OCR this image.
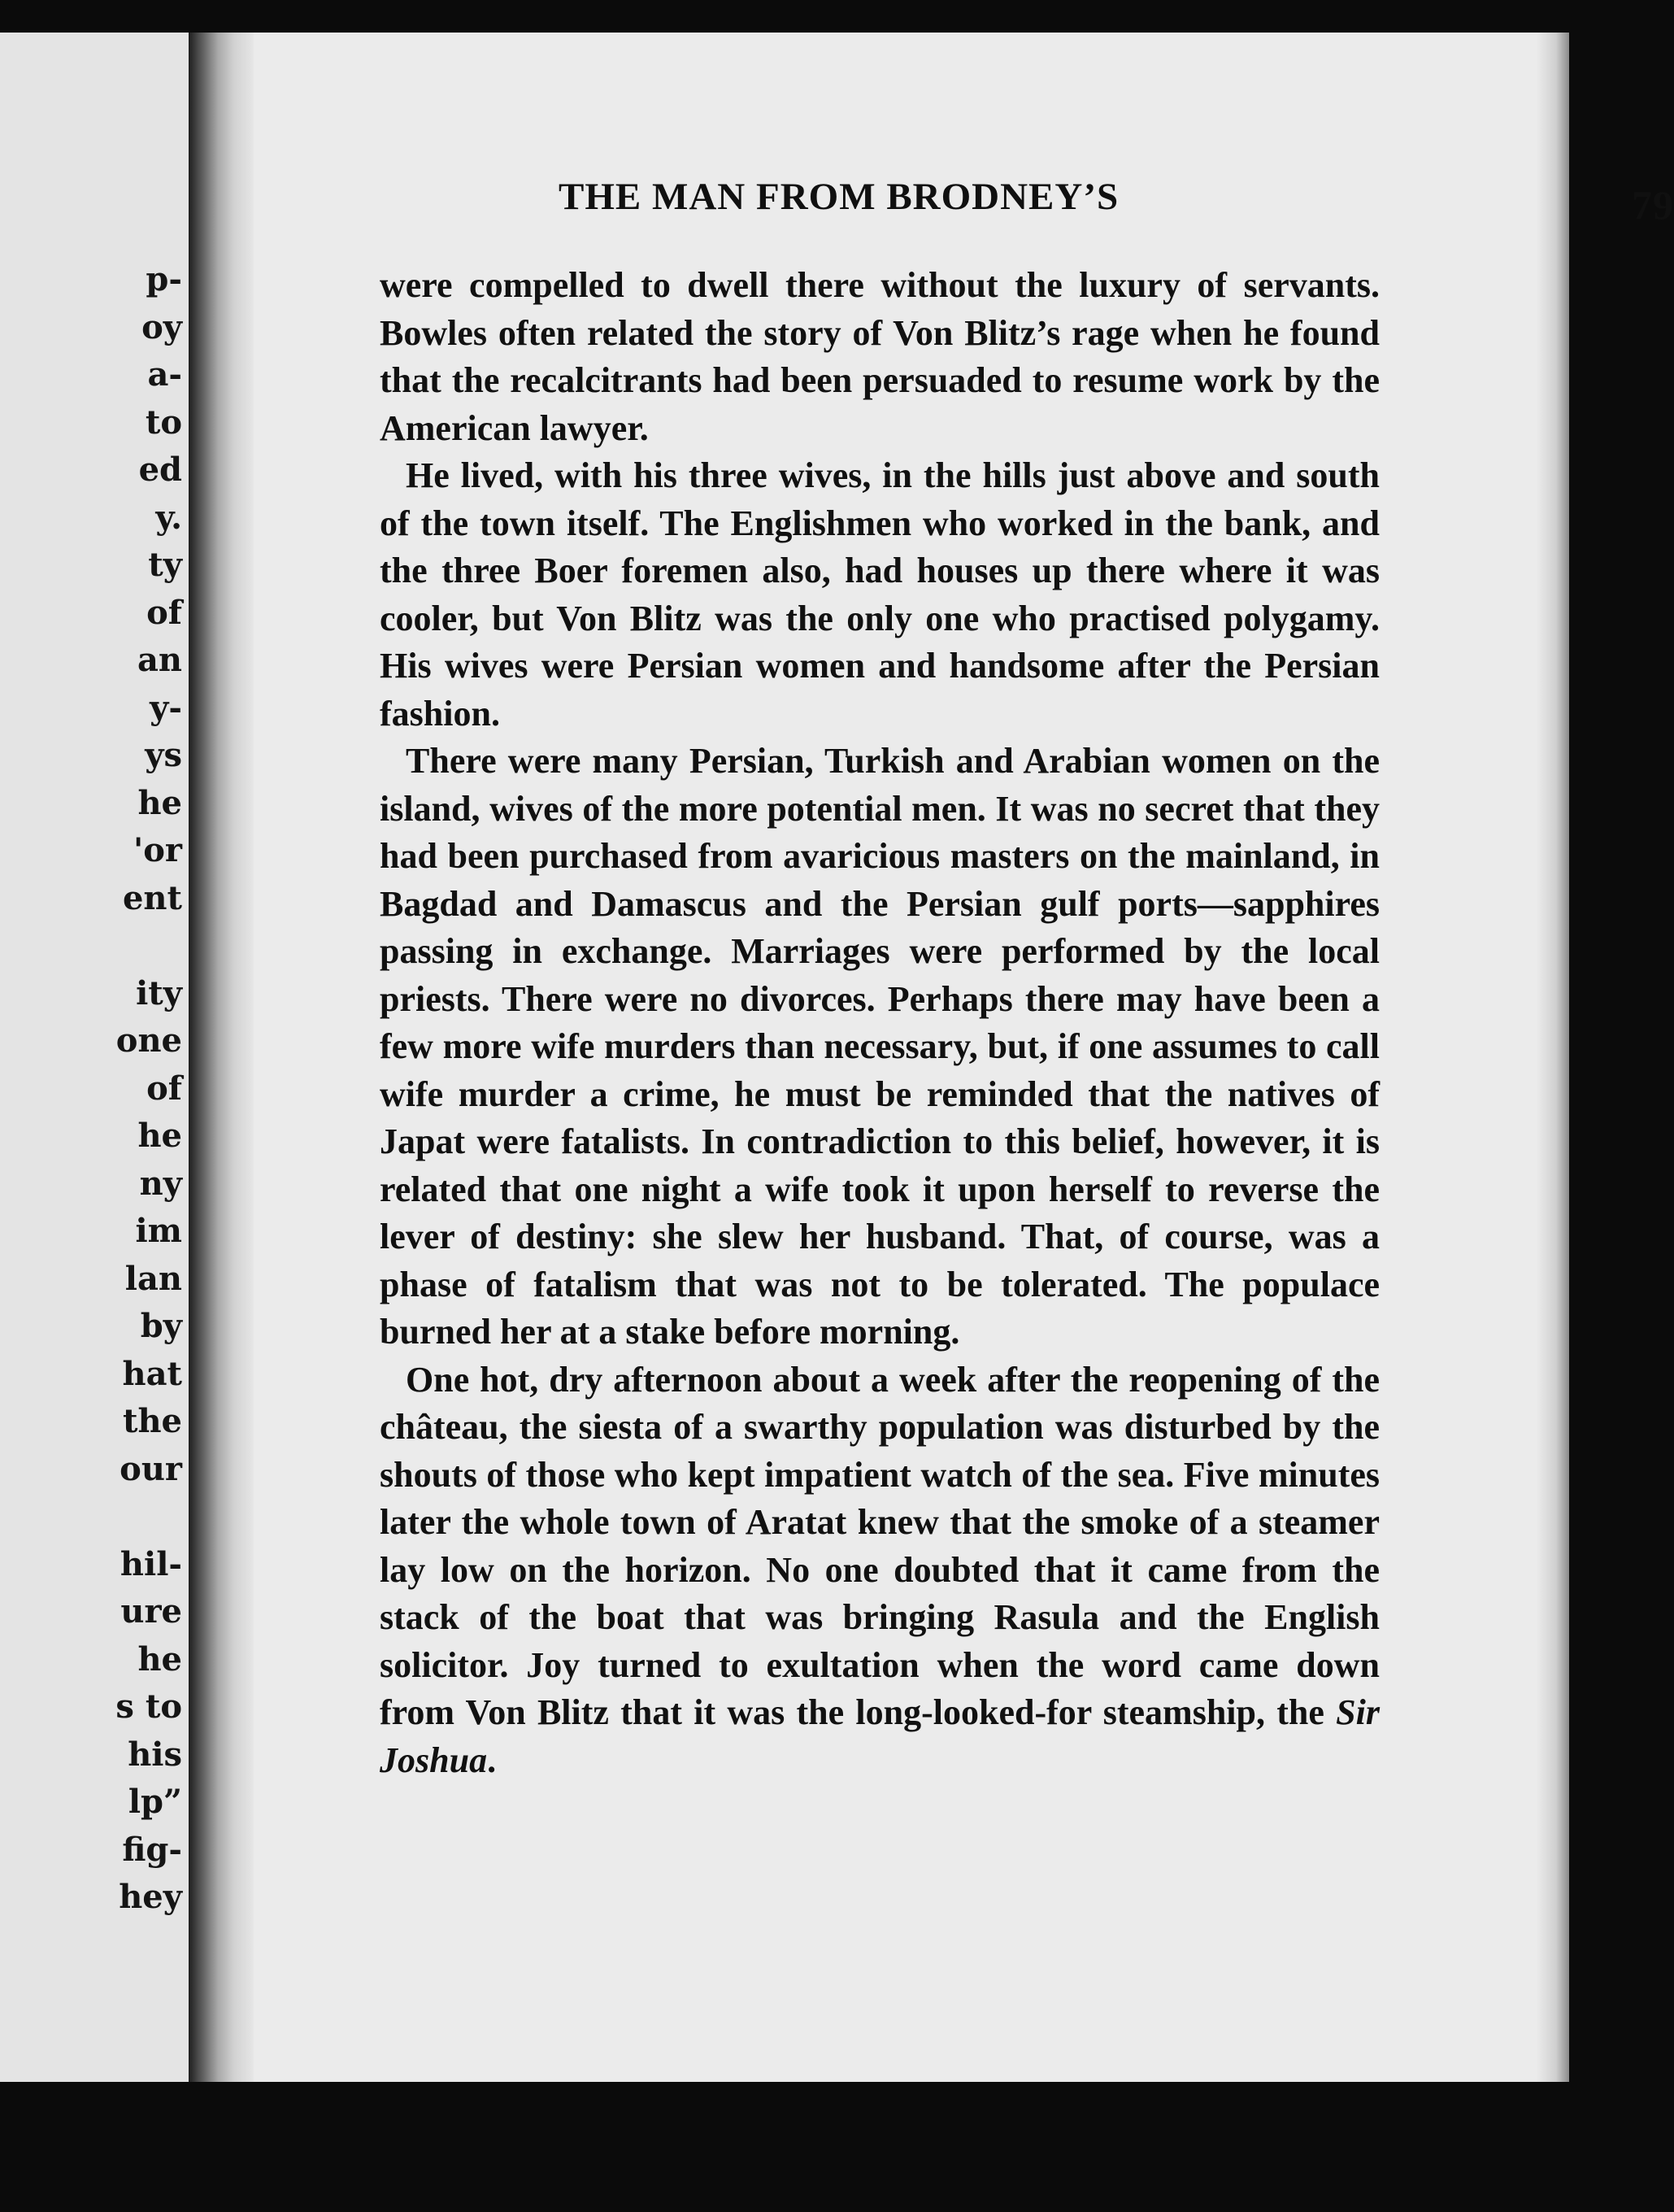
p-
oy
a-
to
ed
y.
ty
of
an
y-
ys
he
'or
ent
ity
one
of
he
ny
im
lan
by
hat
the
our
hil-
ure
he
s to
his
lp”
fig-
hey
THE MAN FROM BRODNEY’S	79

were compelled to dwell there without the luxury of servants. Bowles often related the story of Von Blitz’s rage when he found that the recalcitrants had been persuaded to resume work by the American lawyer.

He lived, with his three wives, in the hills just above and south of the town itself. The Englishmen who worked in the bank, and the three Boer foremen also, had houses up there where it was cooler, but Von Blitz was the only one who practised polygamy. His wives were Persian women and handsome after the Persian fashion.

There were many Persian, Turkish and Arabian women on the island, wives of the more potential men. It was no secret that they had been purchased from avaricious masters on the mainland, in Bagdad and Damascus and the Persian gulf ports—sapphires passing in exchange. Marriages were performed by the local priests. There were no divorces. Perhaps there may have been a few more wife murders than necessary, but, if one assumes to call wife murder a crime, he must be reminded that the natives of Japat were fatalists. In contradiction to this belief, however, it is related that one night a wife took it upon herself to reverse the lever of destiny: she slew her husband. That, of course, was a phase of fatalism that was not to be tolerated. The populace burned her at a stake before morning.

One hot, dry afternoon about a week after the reopening of the château, the siesta of a swarthy population was disturbed by the shouts of those who kept impatient watch of the sea. Five minutes later the whole town of Aratat knew that the smoke of a steamer lay low on the horizon. No one doubted that it came from the stack of the boat that was bringing Rasula and the English solicitor. Joy turned to exultation when the word came down from Von Blitz that it was the long-looked-for steamship, the Sir Joshua.
